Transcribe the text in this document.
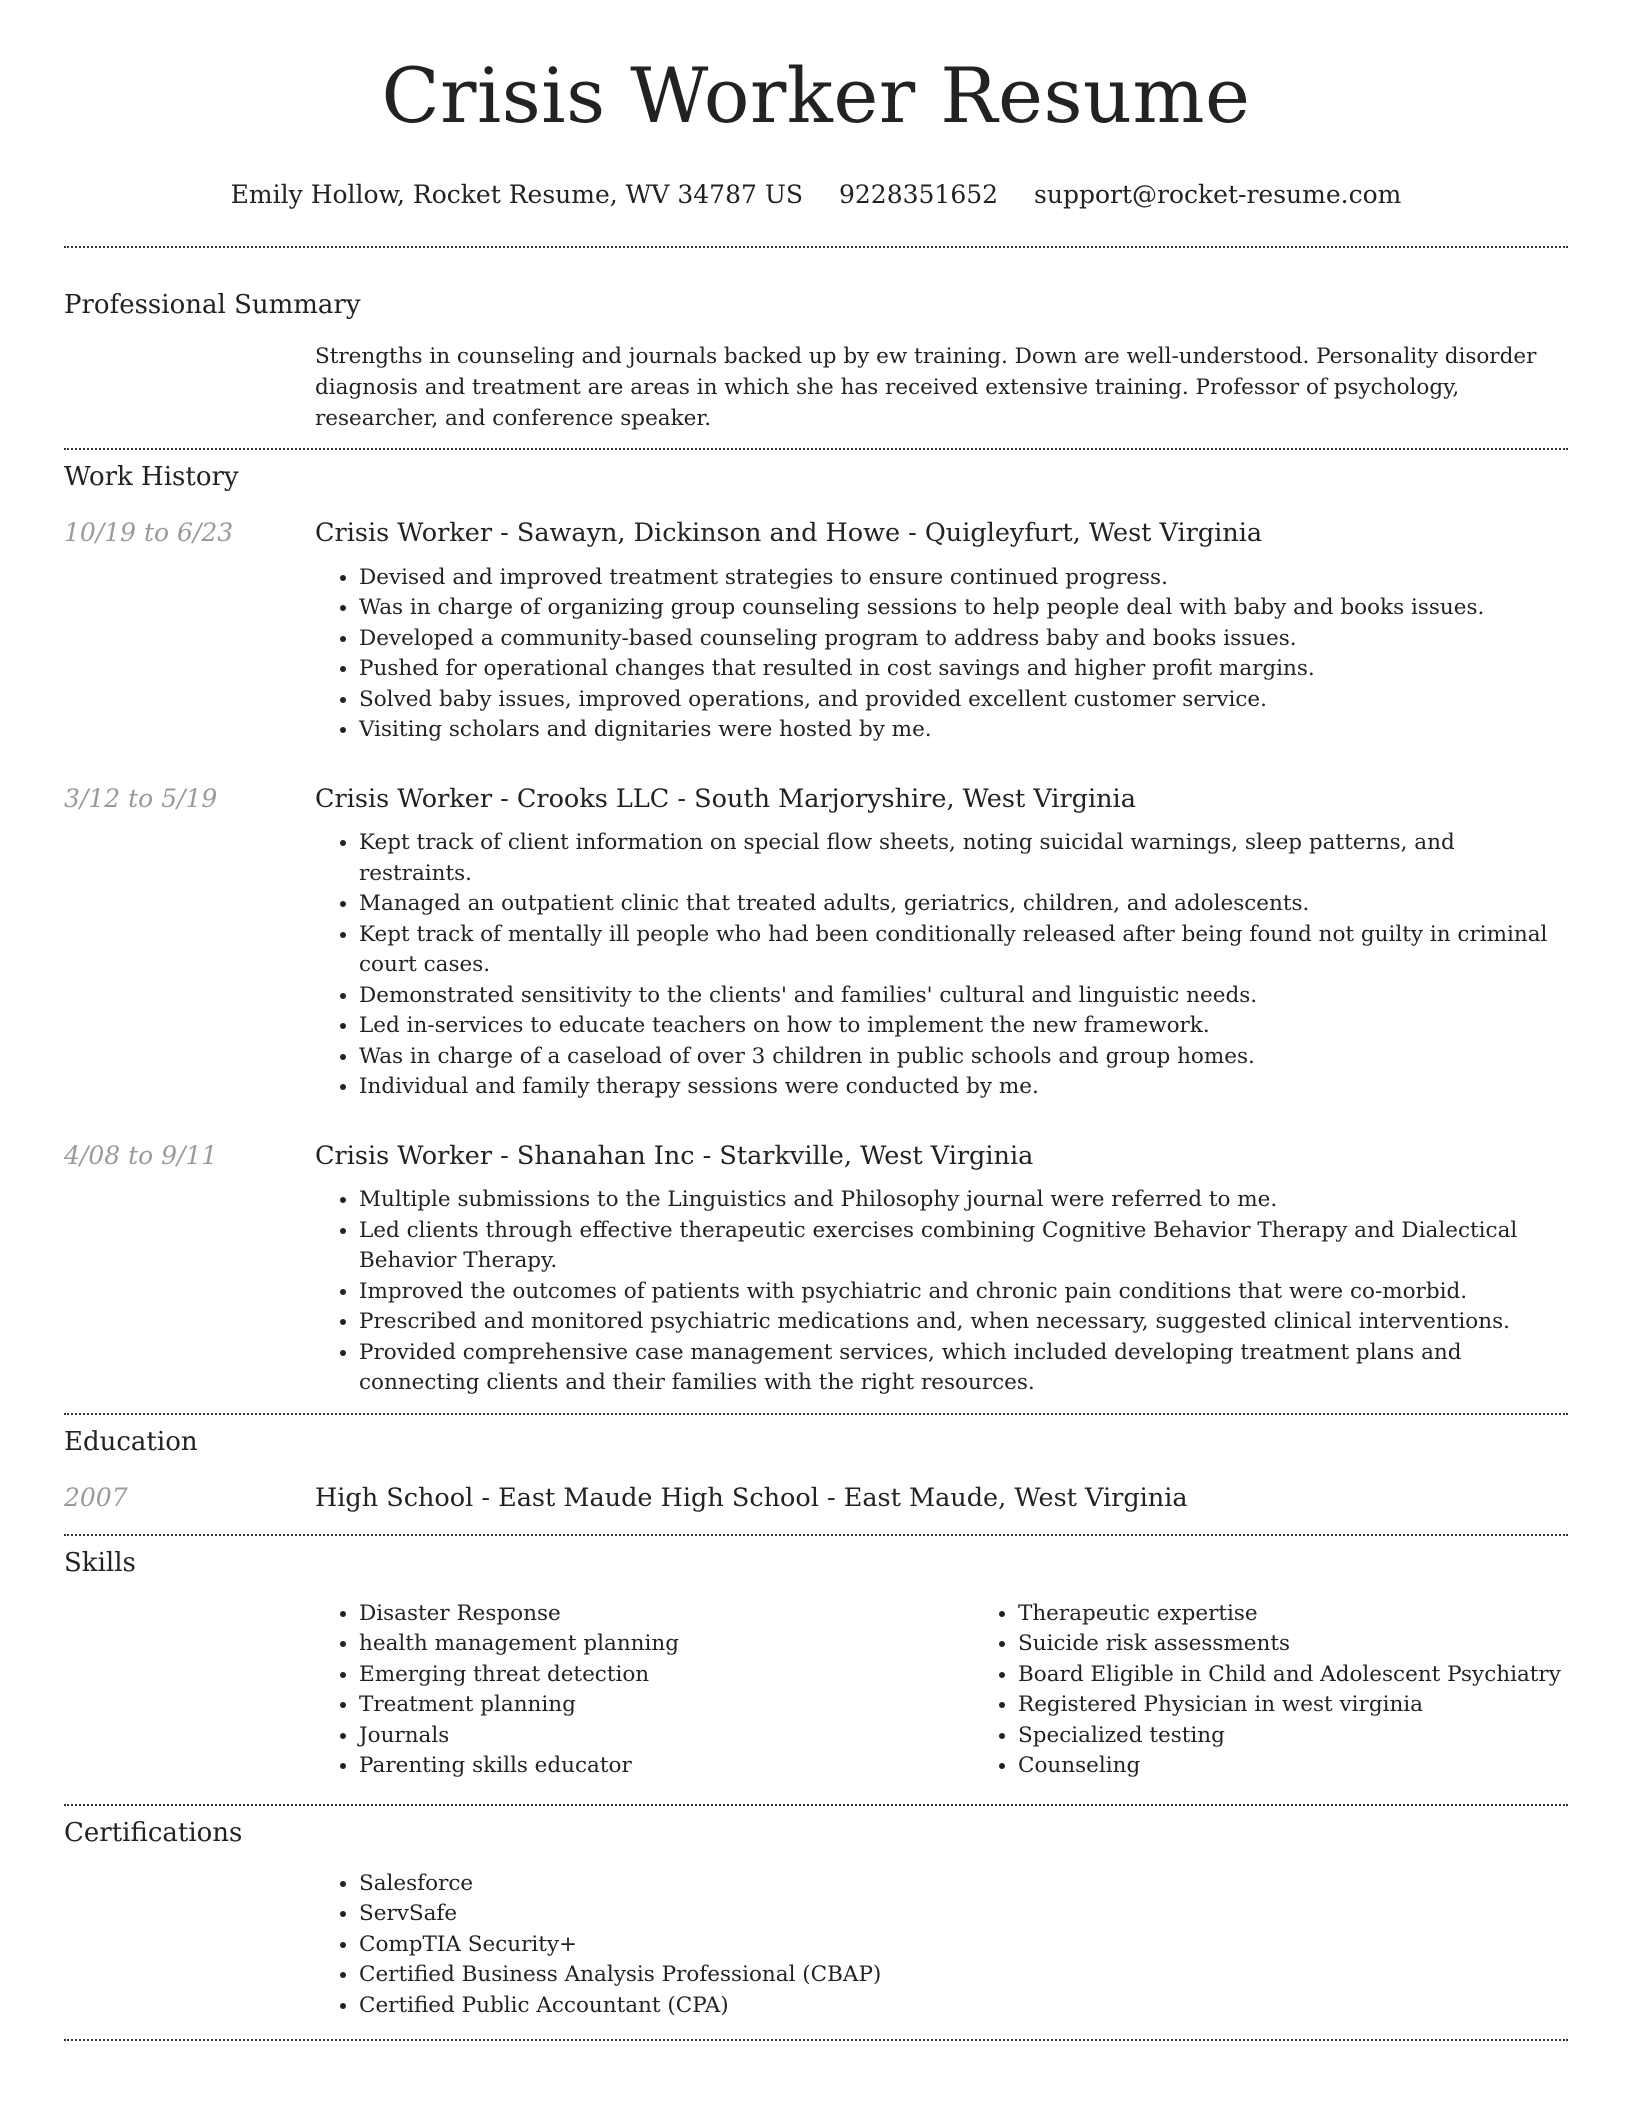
Crisis Worker Resume
Emily Hollow, Rocket Resume, WV 34787 US 9228351652 support@rocket-resume.com
Professional Summary

Strengths in counseling and journals backed up by ew training. Down are well-understood. Personality disorder diagnosis and treatment are areas in which she has received extensive training. Professor of psychology, researcher, and conference speaker.

Work History
10/19 to 6/23	Crisis Worker - Sawayn, Dickinson and Howe - Quigleyfurt, West Virginia

• Devised and improved treatment strategies to ensure continued progress.
• Was in charge of organizing group counseling sessions to help people deal with baby and books issues.
• Developed a community-based counseling program to address baby and books issues.
• Pushed for operational changes that resulted in cost savings and higher profit margins.
• Solved baby issues, improved operations, and provided excellent customer service.
• Visiting scholars and dignitaries were hosted by me.
3/12 to 5/19	Crisis Worker - Crooks LLC - South Marjoryshire, West Virginia

• Kept track of client information on special flow sheets, noting suicidal warnings, sleep patterns, and restraints.
• Managed an outpatient clinic that treated adults, geriatrics, children, and adolescents.
• Kept track of mentally ill people who had been conditionally released after being found not guilty in criminal court cases.
• Demonstrated sensitivity to the clients' and families' cultural and linguistic needs.
• Led in-services to educate teachers on how to implement the new framework.
• Was in charge of a caseload of over 3 children in public schools and group homes.
• Individual and family therapy sessions were conducted by me.
4/08 to 9/11	Crisis Worker - Shanahan Inc - Starkville, West Virginia

• Multiple submissions to the Linguistics and Philosophy journal were referred to me.
• Led clients through effective therapeutic exercises combining Cognitive Behavior Therapy and Dialectical Behavior Therapy.
• Improved the outcomes of patients with psychiatric and chronic pain conditions that were co-morbid.
• Prescribed and monitored psychiatric medications and, when necessary, suggested clinical interventions.
• Provided comprehensive case management services, which included developing treatment plans and connecting clients and their families with the right resources.
Education
2007	High School - East Maude High School - East Maude, West Virginia

Skills
• Disaster Response
• health management planning
• Emerging threat detection
• Treatment planning
• Journals
• Parenting skills educator
• Therapeutic expertise
• Suicide risk assessments
• Board Eligible in Child and Adolescent Psychiatry
• Registered Physician in west virginia
• Specialized testing
• Counseling
Certifications
• Salesforce
• ServSafe
• CompTIA Security+
• Certified Business Analysis Professional (CBAP)
• Certified Public Accountant (CPA)
